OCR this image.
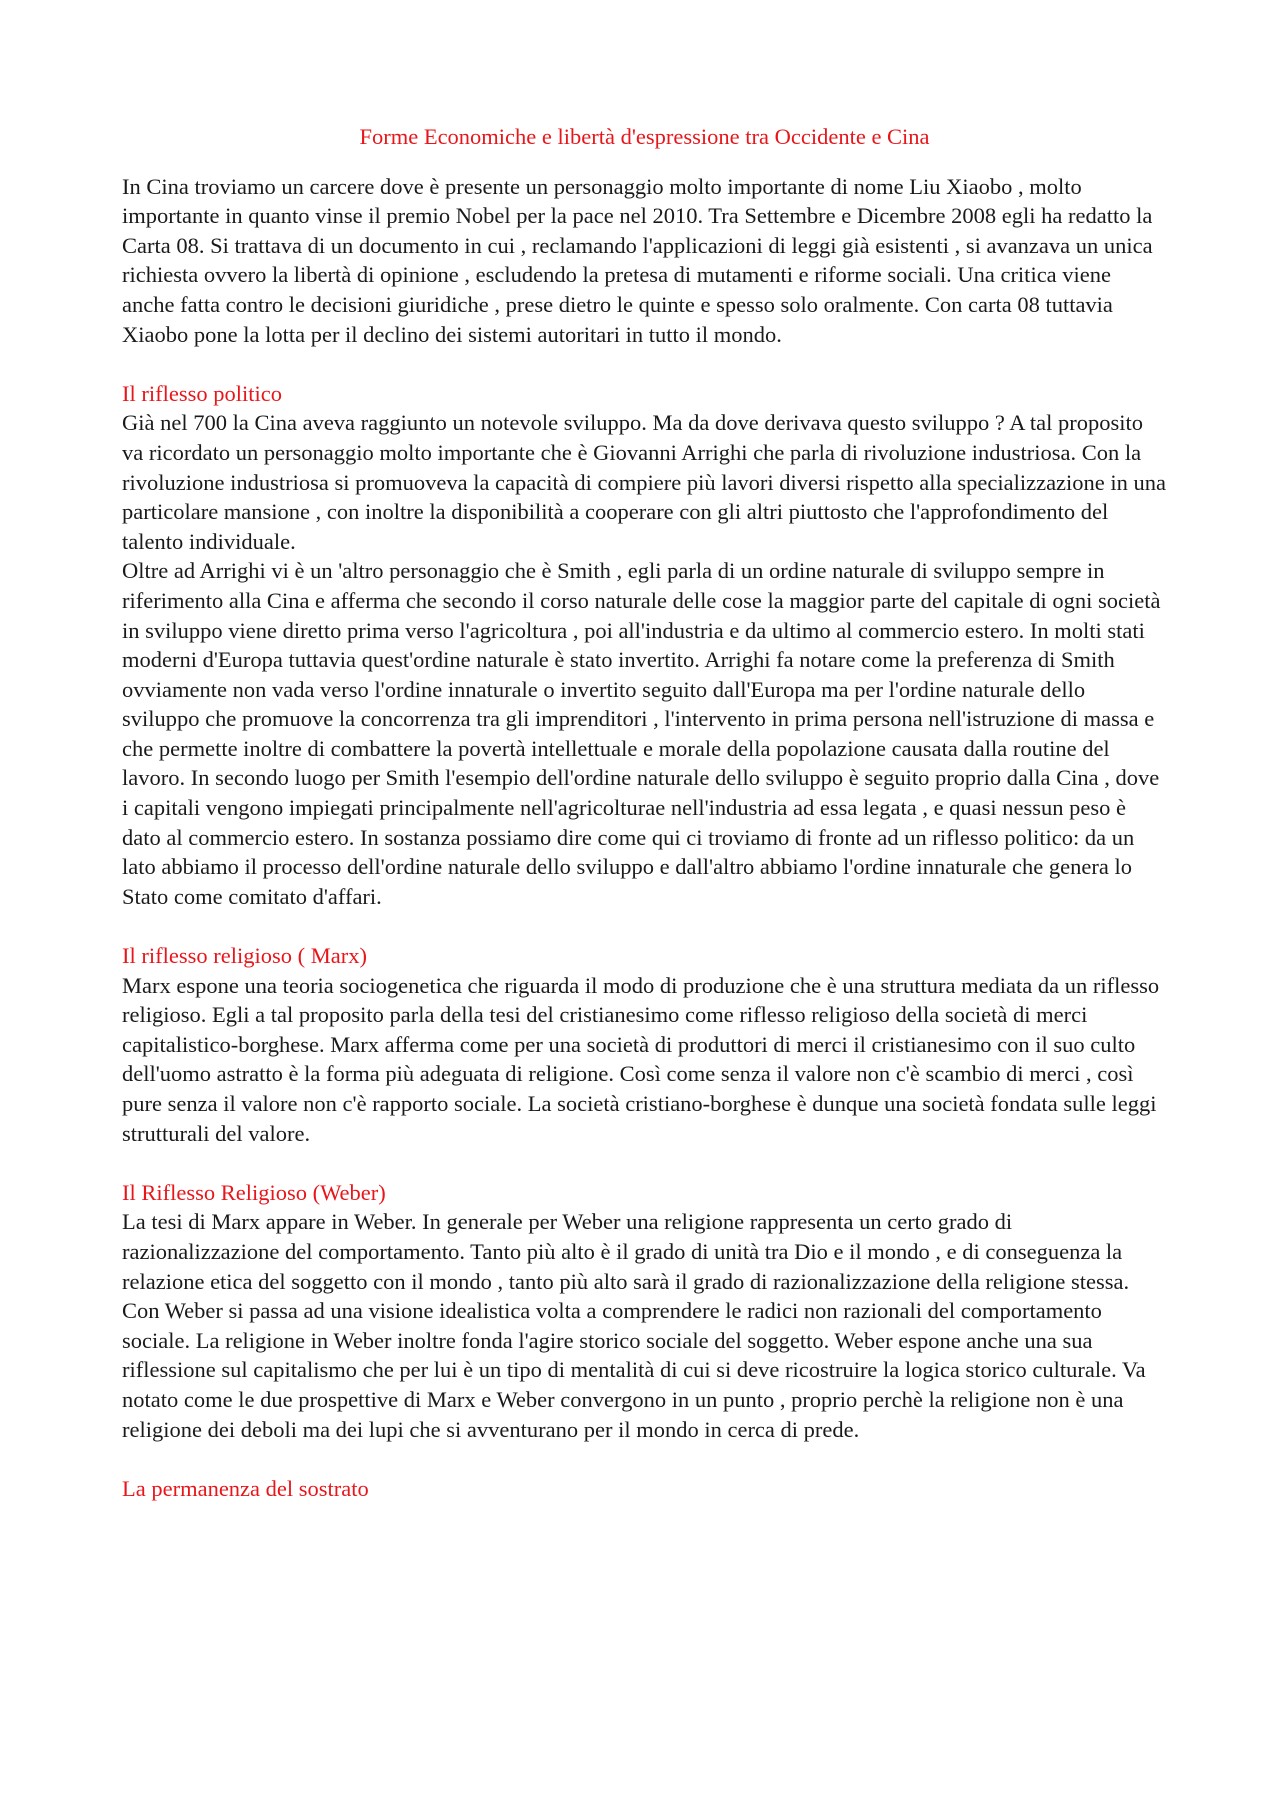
Forme Economiche e libertà d'espressione tra Occidente e Cina

In Cina troviamo un carcere dove è presente un personaggio molto importante di nome Liu Xiaobo , molto importante in quanto vinse il premio Nobel per la pace nel 2010. Tra Settembre e Dicembre 2008 egli ha redatto la Carta 08. Si trattava di un documento in cui , reclamando l'applicazioni di leggi già esistenti , si avanzava un unica richiesta ovvero la libertà di opinione , escludendo la pretesa di mutamenti e riforme sociali. Una critica viene anche fatta contro le decisioni giuridiche , prese dietro le quinte e spesso solo oralmente. Con carta 08 tuttavia Xiaobo pone la lotta per il declino dei sistemi autoritari in tutto il mondo.

Il riflesso politico

Già nel 700 la Cina aveva raggiunto un notevole sviluppo. Ma da dove derivava questo sviluppo ? A tal proposito va ricordato un personaggio molto importante che è Giovanni Arrighi che parla di rivoluzione industriosa. Con la rivoluzione industriosa si promuoveva la capacità di compiere più lavori diversi rispetto alla specializzazione in una particolare mansione , con inoltre la disponibilità a cooperare con gli altri piuttosto che l'approfondimento del talento individuale.

Oltre ad Arrighi vi è un 'altro personaggio che è Smith , egli parla di un ordine naturale di sviluppo sempre in riferimento alla Cina e afferma che secondo il corso naturale delle cose la maggior parte del capitale di ogni società in sviluppo viene diretto prima verso l'agricoltura , poi all'industria e da ultimo al commercio estero. In molti stati moderni d'Europa tuttavia quest'ordine naturale è stato invertito. Arrighi fa notare come la preferenza di Smith ovviamente non vada verso l'ordine innaturale o invertito seguito dall'Europa ma per l'ordine naturale dello sviluppo che promuove la concorrenza tra gli imprenditori , l'intervento in prima persona nell'istruzione di massa e che permette inoltre di combattere la povertà intellettuale e morale della popolazione causata dalla routine del lavoro. In secondo luogo per Smith l'esempio dell'ordine naturale dello sviluppo è seguito proprio dalla Cina , dove i capitali vengono impiegati principalmente nell'agricolturae nell'industria ad essa legata , e quasi nessun peso è dato al commercio estero. In sostanza possiamo dire come qui ci troviamo di fronte ad un riflesso politico: da un lato abbiamo il processo dell'ordine naturale dello sviluppo e dall'altro abbiamo l'ordine innaturale che genera lo Stato come comitato d'affari.

Il riflesso religioso ( Marx)

Marx espone una teoria sociogenetica che riguarda il modo di produzione che è una struttura mediata da un riflesso religioso. Egli a tal proposito parla della tesi del cristianesimo come riflesso religioso della società di merci capitalistico-borghese. Marx afferma come per una società di produttori di merci il cristianesimo con il suo culto dell'uomo astratto è la forma più adeguata di religione. Così come senza il valore non c'è scambio di merci , così pure senza il valore non c'è rapporto sociale. La società cristiano-borghese è dunque una società fondata sulle leggi strutturali del valore.

Il Riflesso Religioso (Weber)

La tesi di Marx appare in Weber. In generale per Weber una religione rappresenta un certo grado di razionalizzazione del comportamento. Tanto più alto è il grado di unità tra Dio e il mondo , e di conseguenza la relazione etica del soggetto con il mondo , tanto più alto sarà il grado di razionalizzazione della religione stessa. Con Weber si passa ad una visione idealistica volta a comprendere le radici non razionali del comportamento sociale. La religione in Weber inoltre fonda l'agire storico sociale del soggetto. Weber espone anche una sua riflessione sul capitalismo che per lui è un tipo di mentalità di cui si deve ricostruire la logica storico culturale. Va notato come le due prospettive di Marx e Weber convergono in un punto , proprio perchè la religione non è una religione dei deboli ma dei lupi che si avventurano per il mondo in cerca di prede.

La permanenza del sostrato
